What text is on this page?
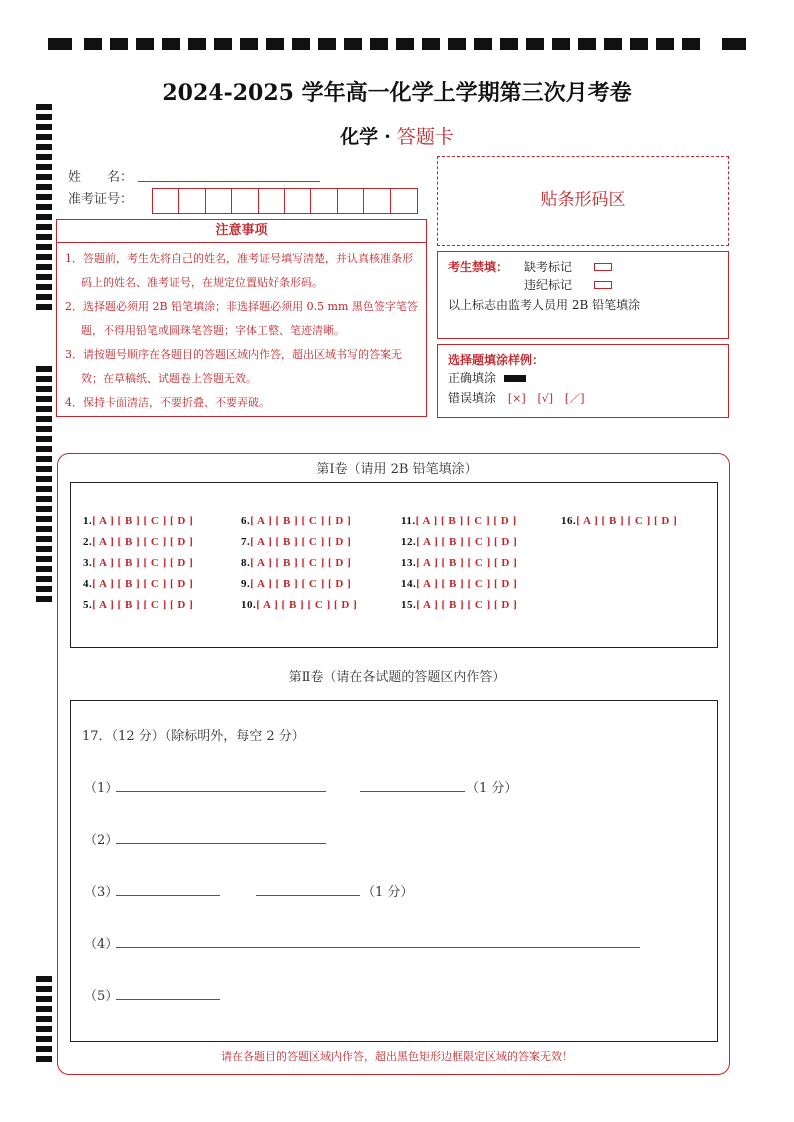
2024-2025 学年高一化学上学期第三次月考卷
化学 · 答题卡
姓　　名：
准考证号：
注意事项

1．答题前，考生先将自己的姓名，准考证号填写清楚，并认真核准条形码上的姓名、准考证号，在规定位置贴好条形码。

2．选择题必须用 2B 铅笔填涂；非选择题必须用 0.5 mm 黑色签字笔答题，不得用铅笔或圆珠笔答题；字体工整、笔迹清晰。

3．请按题号顺序在各题目的答题区域内作答，超出区域书写的答案无效；在草稿纸、试题卷上答题无效。

4．保持卡面清洁，不要折叠、不要弄破。

贴条形码区
考生禁填： 缺考标记
违纪标记
以上标志由监考人员用 2B 铅笔填涂
选择题填涂样例：
正确填涂
错误填涂 [×] [√] [／]
第Ⅰ卷（请用 2B 铅笔填涂）
1.[ A ] [ B ] [ C ] [ D ]
2.[ A ] [ B ] [ C ] [ D ]
3.[ A ] [ B ] [ C ] [ D ]
4.[ A ] [ B ] [ C ] [ D ]
5.[ A ] [ B ] [ C ] [ D ]
6.[ A ] [ B ] [ C ] [ D ]
7.[ A ] [ B ] [ C ] [ D ]
8.[ A ] [ B ] [ C ] [ D ]
9.[ A ] [ B ] [ C ] [ D ]
10.[ A ] [ B ] [ C ] [ D ]
11.[ A ] [ B ] [ C ] [ D ]
12.[ A ] [ B ] [ C ] [ D ]
13.[ A ] [ B ] [ C ] [ D ]
14.[ A ] [ B ] [ C ] [ D ]
15.[ A ] [ B ] [ C ] [ D ]
16.[ A ] [ B ] [ C ] [ D ]
第Ⅱ卷（请在各试题的答题区内作答）
17．（12 分）（除标明外，每空 2 分）
（1）	（1 分）
（2）
（3）	（1 分）
（4）
（5）
请在各题目的答题区域内作答，超出黑色矩形边框限定区域的答案无效！
